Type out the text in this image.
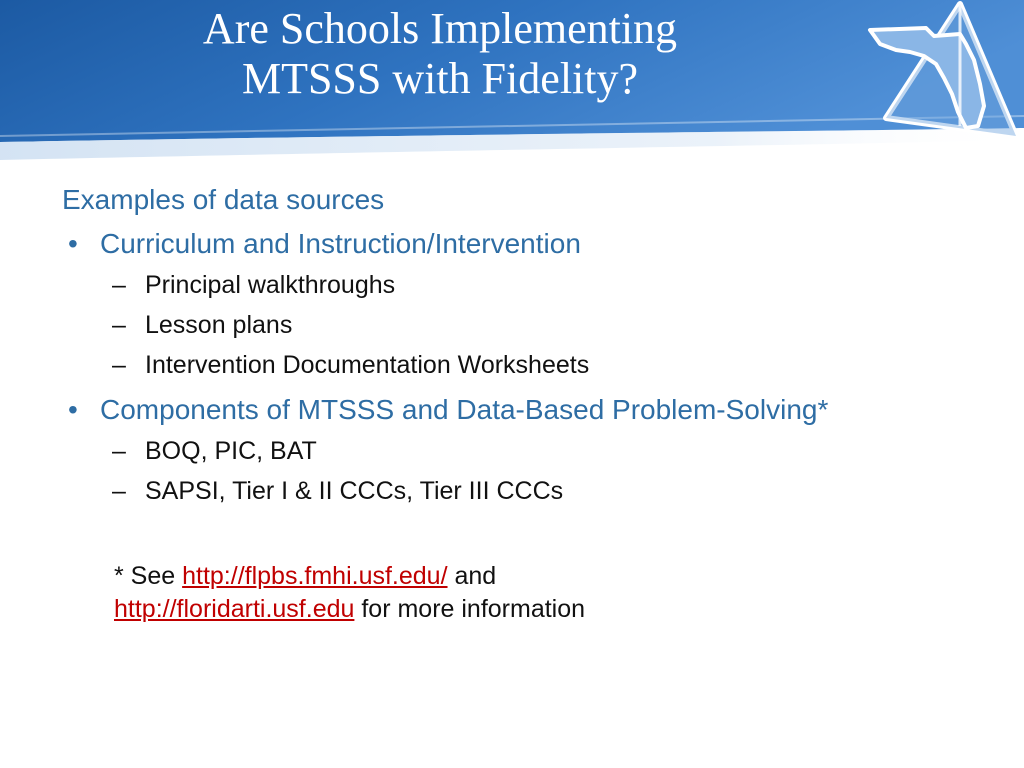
Are Schools Implementing
MTSSS with Fidelity?

Examples of data sources

• Curriculum and Instruction/Intervention

– Principal walkthroughs

– Lesson plans

– Intervention Documentation Worksheets

• Components of MTSSS and Data-Based Problem-Solving*

– BOQ, PIC, BAT

– SAPSI, Tier I & II CCCs, Tier III CCCs

* See http://flpbs.fmhi.usf.edu/ and
http://floridarti.usf.edu for more information
